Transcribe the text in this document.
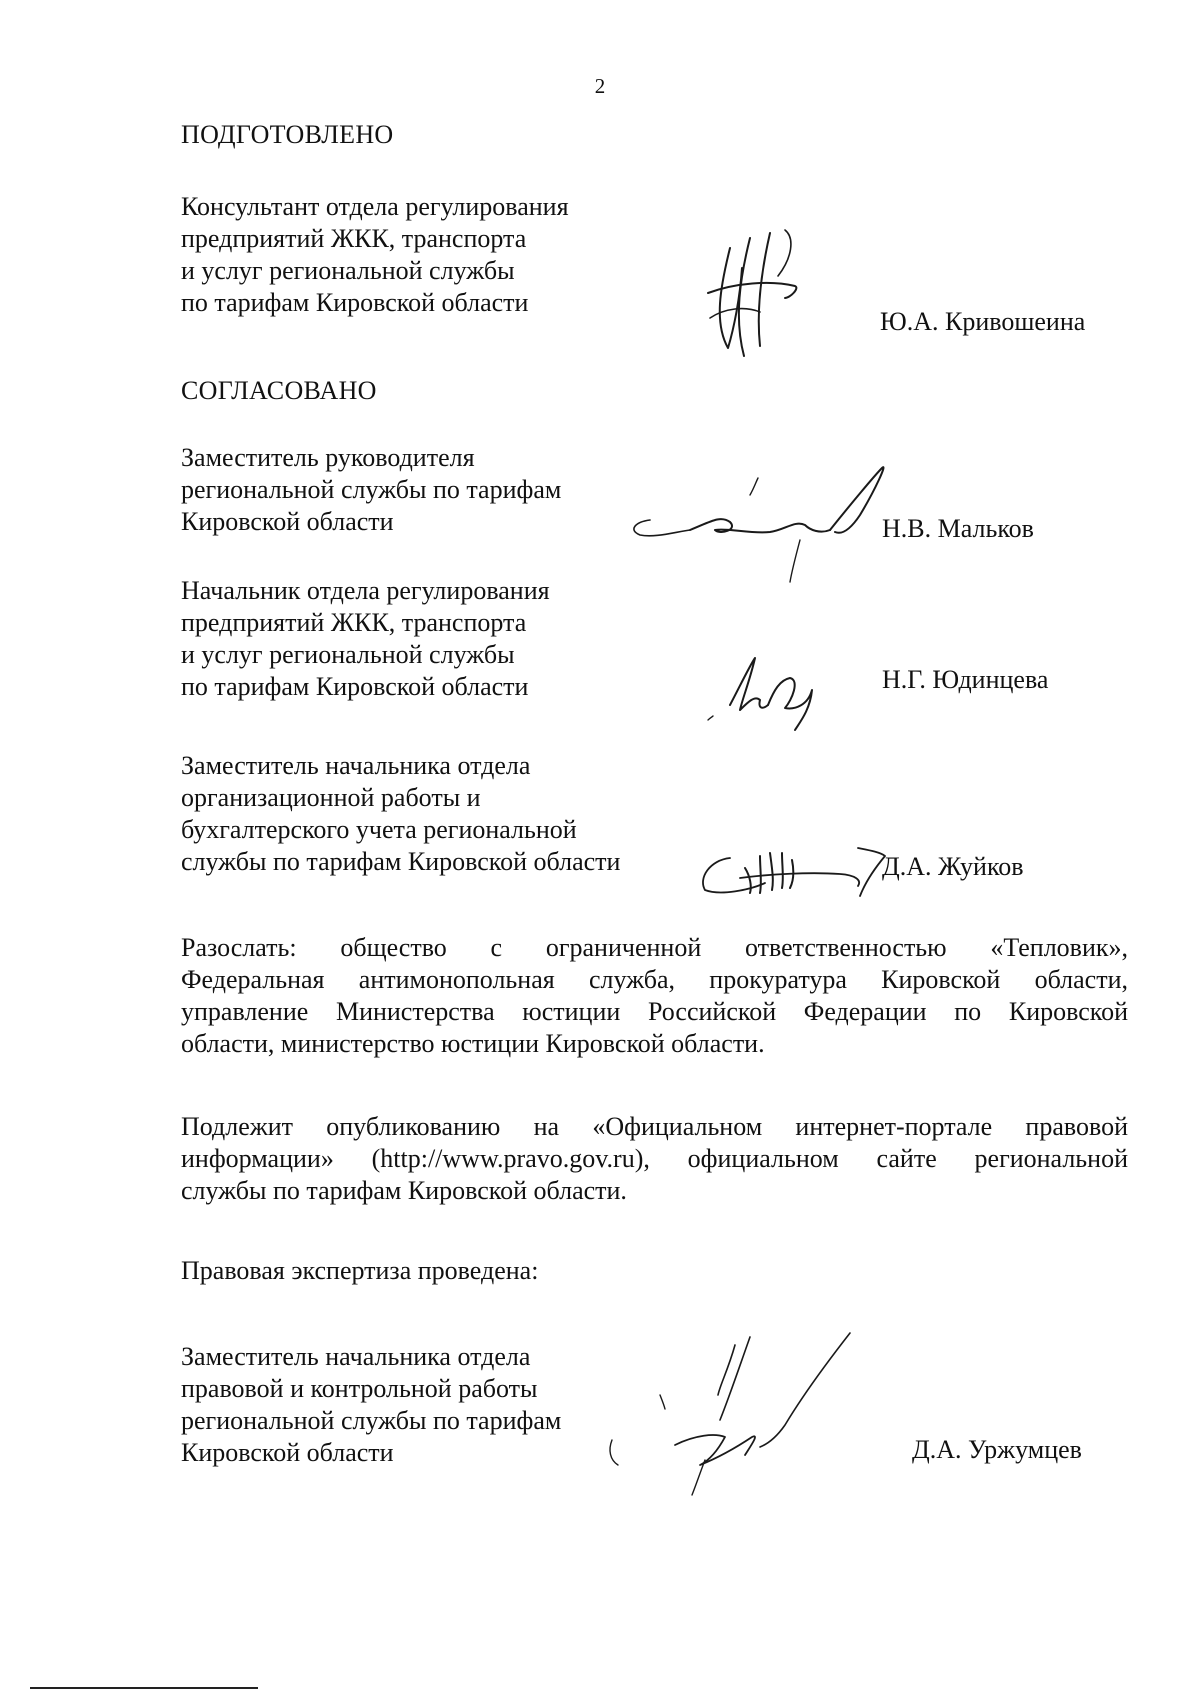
2
ПОДГОТОВЛЕНО
Консультант отдела регулирования
предприятий ЖКК, транспорта
и услуг региональной службы
по тарифам Кировской области
Ю.А. Кривошеина
СОГЛАСОВАНО
Заместитель руководителя
региональной службы по тарифам
Кировской области	Н.В. Мальков
Начальник отдела регулирования
предприятий ЖКК, транспорта
и услуг региональной службы
по тарифам Кировской области	Н.Г. Юдинцева
Заместитель начальника отдела
организационной работы и
бухгалтерского учета региональной
службы по тарифам Кировской области	Д.А. Жуйков
Разослать: общество с ограниченной ответственностью «Тепловик»,
Федеральная антимонопольная служба, прокуратура Кировской области,
управление Министерства юстиции Российской Федерации по Кировской
области, министерство юстиции Кировской области.
Подлежит опубликованию на «Официальном интернет-портале правовой
информации» (http://www.pravo.gov.ru), официальном сайте региональной
службы по тарифам Кировской области.
Правовая экспертиза проведена:
Заместитель начальника отдела
правовой и контрольной работы
региональной службы по тарифам
Кировской области	Д.А. Уржумцев
